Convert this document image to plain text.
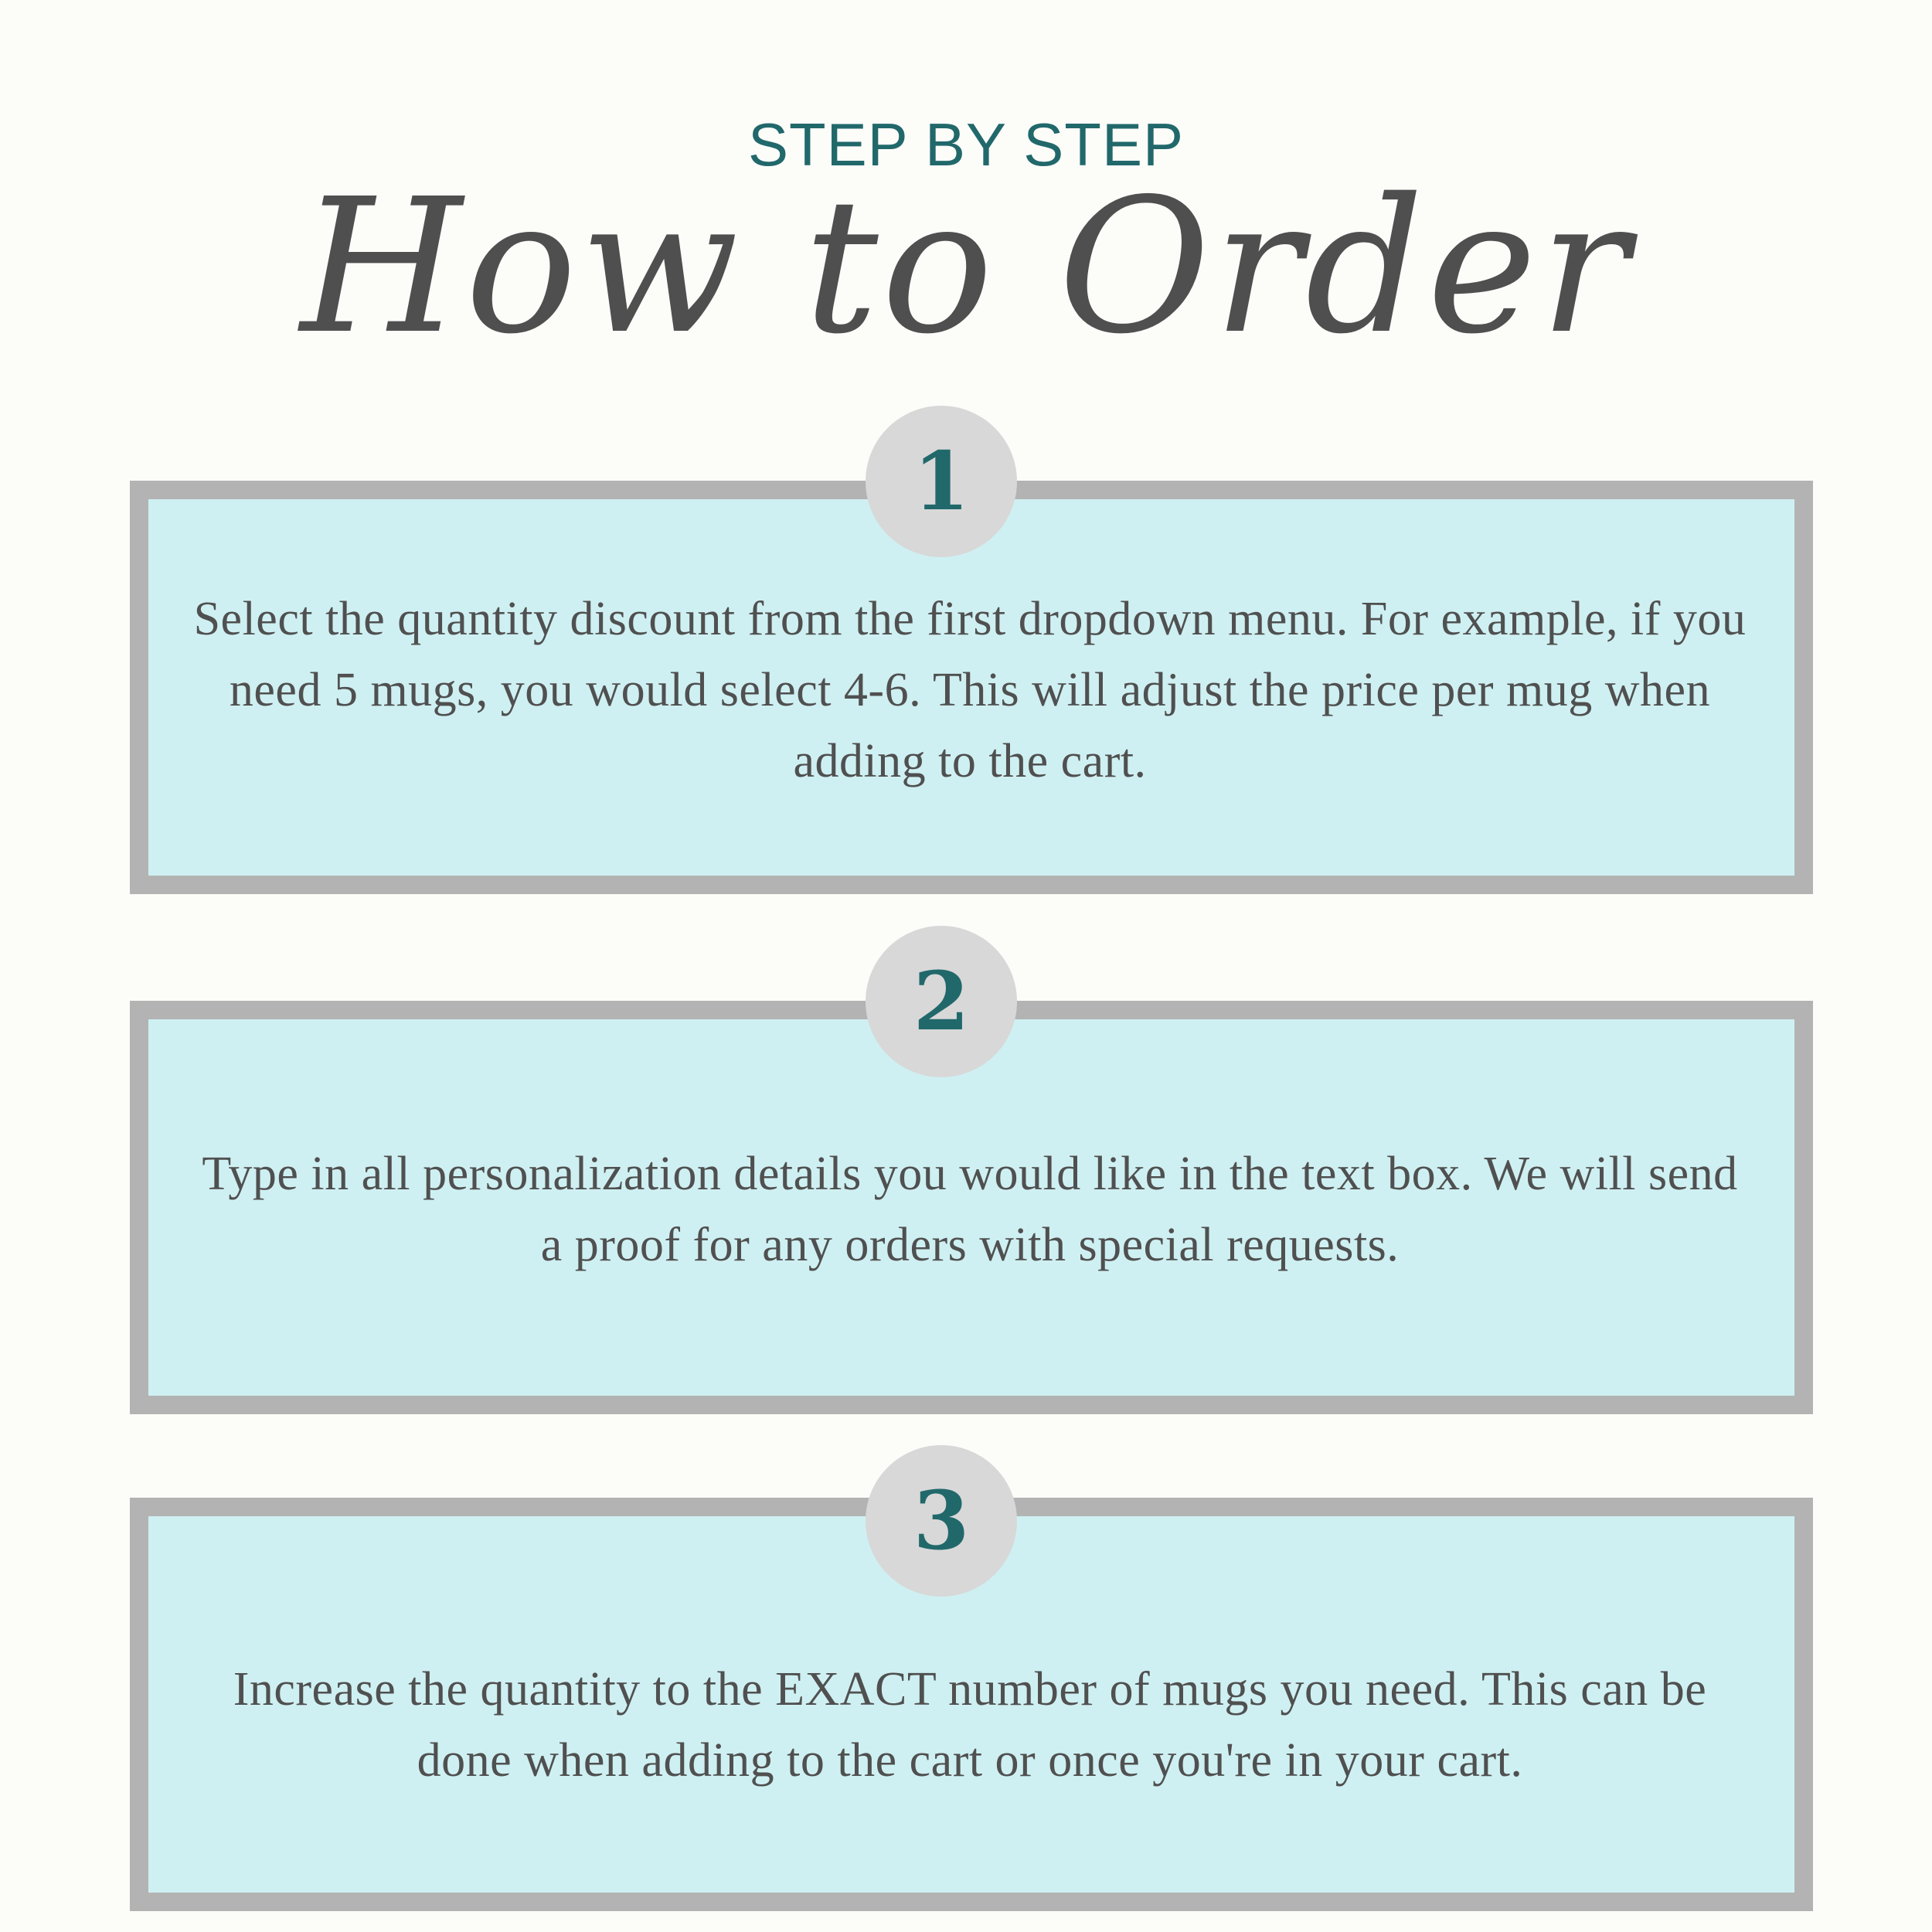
STEP BY STEP
How to Order
1
Select the quantity discount from the first dropdown menu. For example, if you need 5 mugs, you would select 4-6. This will adjust the price per mug when adding to the cart.
2
Type in all personalization details you would like in the text box. We will send a proof for any orders with special requests.
3
Increase the quantity to the EXACT number of mugs you need. This can be done when adding to the cart or once you're in your cart.
